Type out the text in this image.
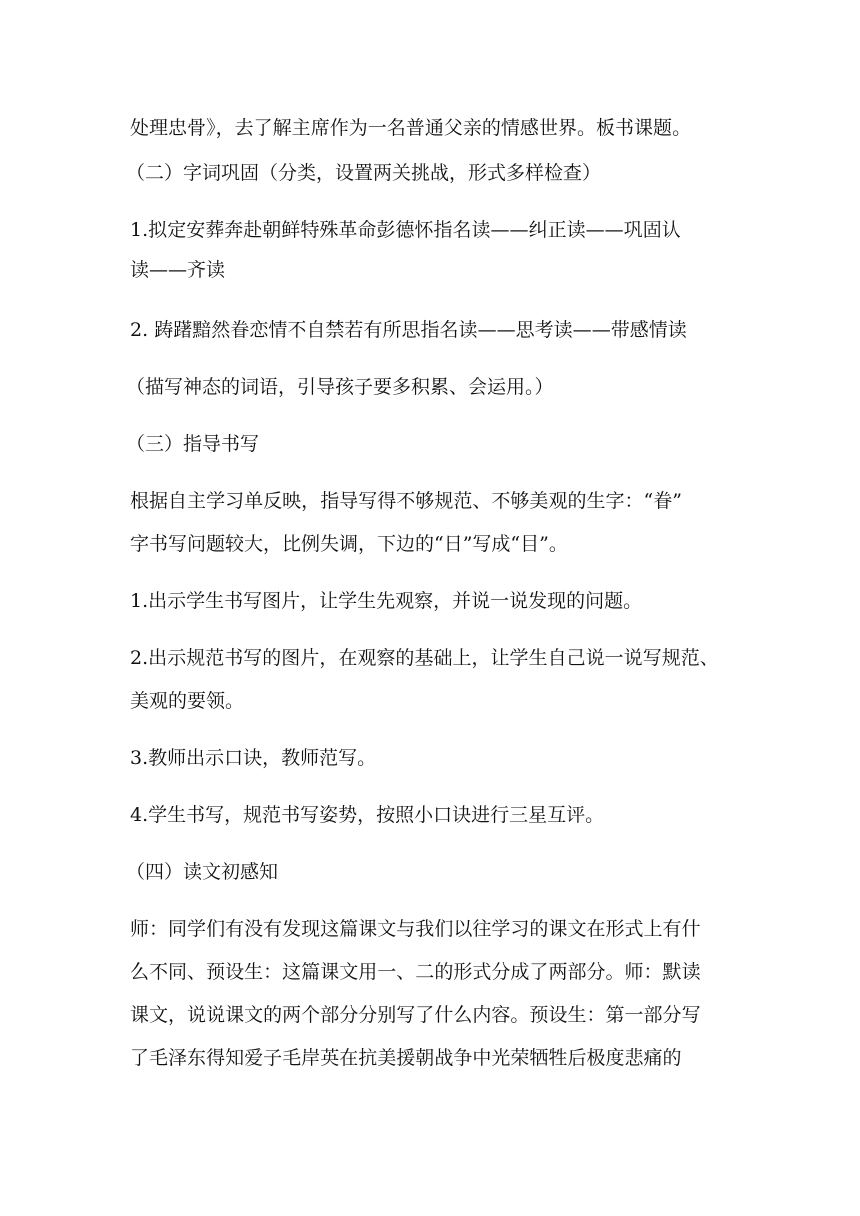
处理忠骨》，去了解主席作为一名普通父亲的情感世界。板书课题。
（二）字词巩固（分类，设置两关挑战，形式多样检查）
1.拟定安葬奔赴朝鲜特殊革命彭德怀指名读——纠正读——巩固认
读——齐读
2. 踌躇黯然眷恋情不自禁若有所思指名读——思考读——带感情读
（描写神态的词语，引导孩子要多积累、会运用。）
（三）指导书写
根据自主学习单反映，指导写得不够规范、不够美观的生字：“眷”
字书写问题较大，比例失调，下边的“日”写成“目”。
1.出示学生书写图片，让学生先观察，并说一说发现的问题。
2.出示规范书写的图片，在观察的基础上，让学生自己说一说写规范、
美观的要领。
3.教师出示口诀，教师范写。
4.学生书写，规范书写姿势，按照小口诀进行三星互评。
（四）读文初感知
师：同学们有没有发现这篇课文与我们以往学习的课文在形式上有什
么不同、预设生：这篇课文用一、二的形式分成了两部分。师：默读
课文，说说课文的两个部分分别写了什么内容。预设生：第一部分写
了毛泽东得知爱子毛岸英在抗美援朝战争中光荣牺牲后极度悲痛的
